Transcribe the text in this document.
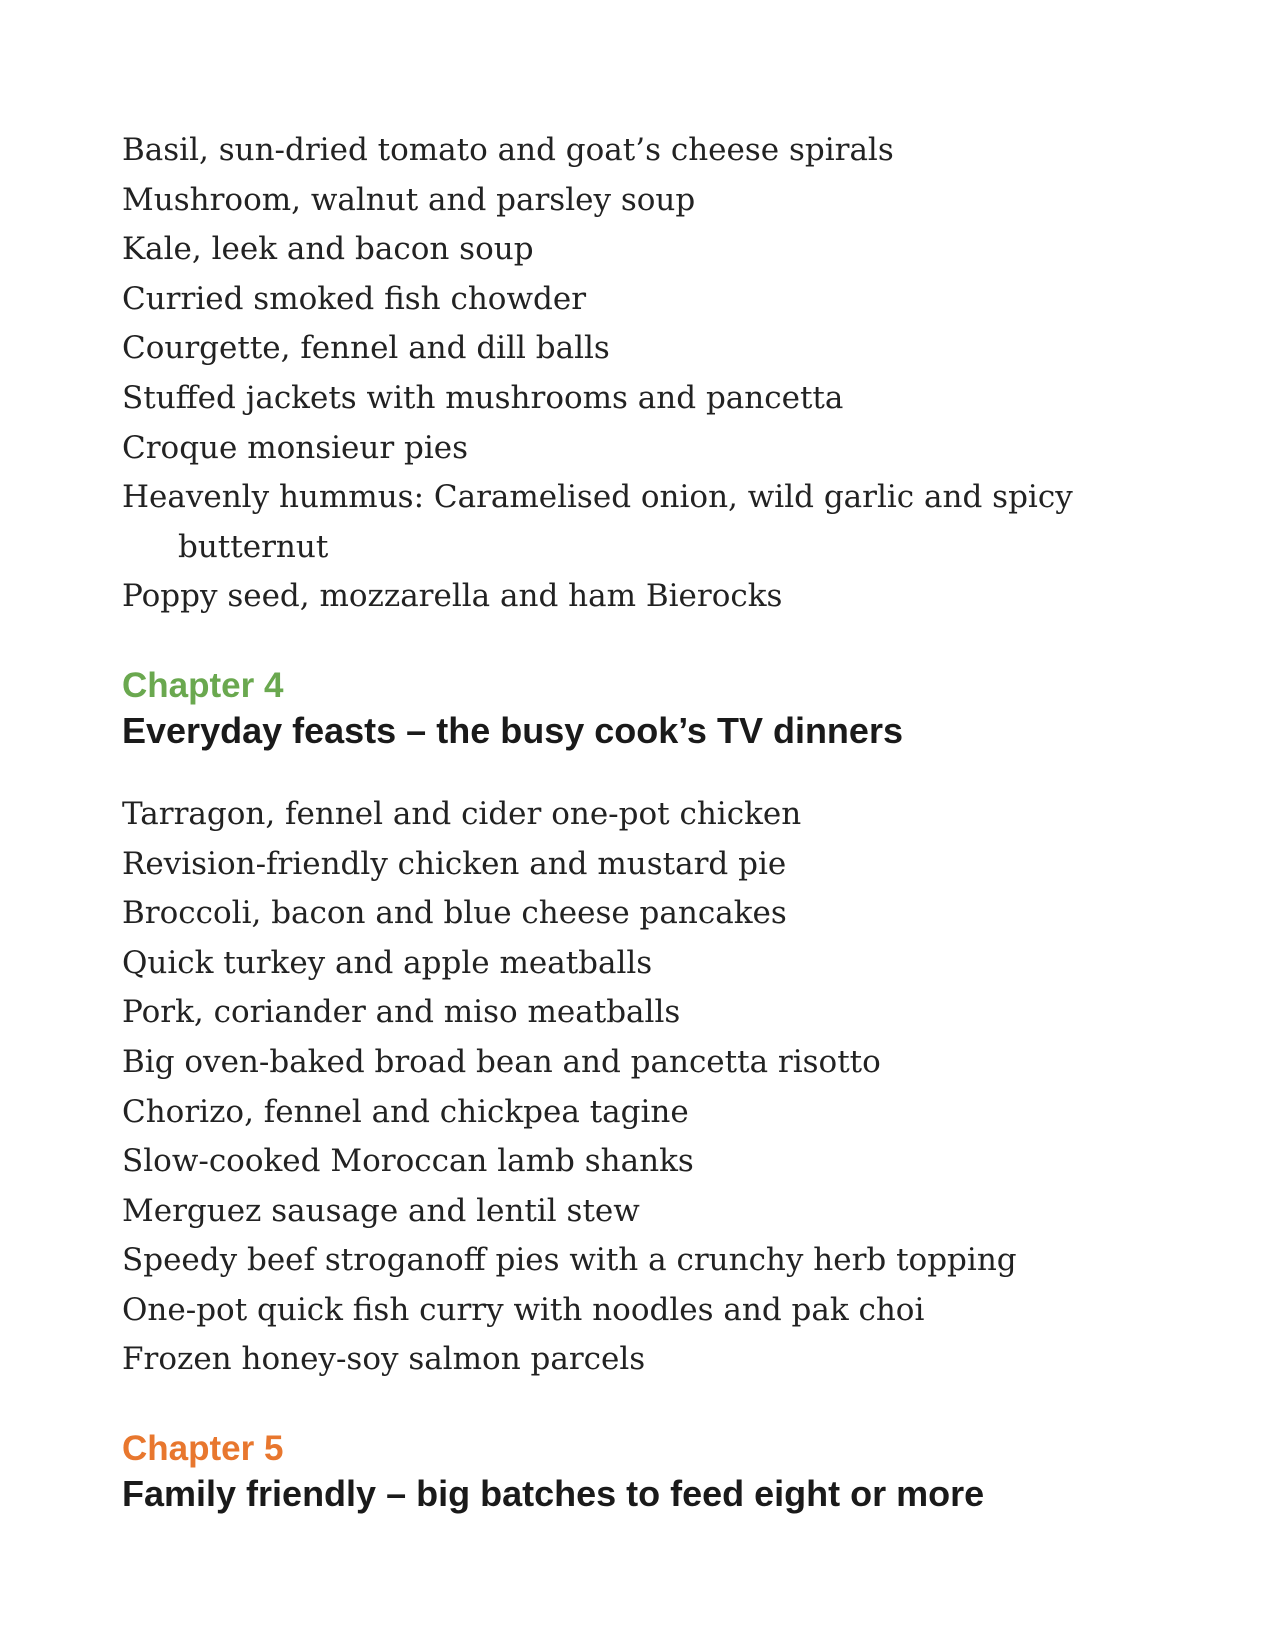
Basil, sun-dried tomato and goat’s cheese spirals
Mushroom, walnut and parsley soup
Kale, leek and bacon soup
Curried smoked fish chowder
Courgette, fennel and dill balls
Stuffed jackets with mushrooms and pancetta
Croque monsieur pies
Heavenly hummus: Caramelised onion, wild garlic and spicy butternut
Poppy seed, mozzarella and ham Bierocks
Chapter 4
Everyday feasts – the busy cook’s TV dinners
Tarragon, fennel and cider one-pot chicken
Revision-friendly chicken and mustard pie
Broccoli, bacon and blue cheese pancakes
Quick turkey and apple meatballs
Pork, coriander and miso meatballs
Big oven-baked broad bean and pancetta risotto
Chorizo, fennel and chickpea tagine
Slow-cooked Moroccan lamb shanks
Merguez sausage and lentil stew
Speedy beef stroganoff pies with a crunchy herb topping
One-pot quick fish curry with noodles and pak choi
Frozen honey-soy salmon parcels
Chapter 5
Family friendly – big batches to feed eight or more
